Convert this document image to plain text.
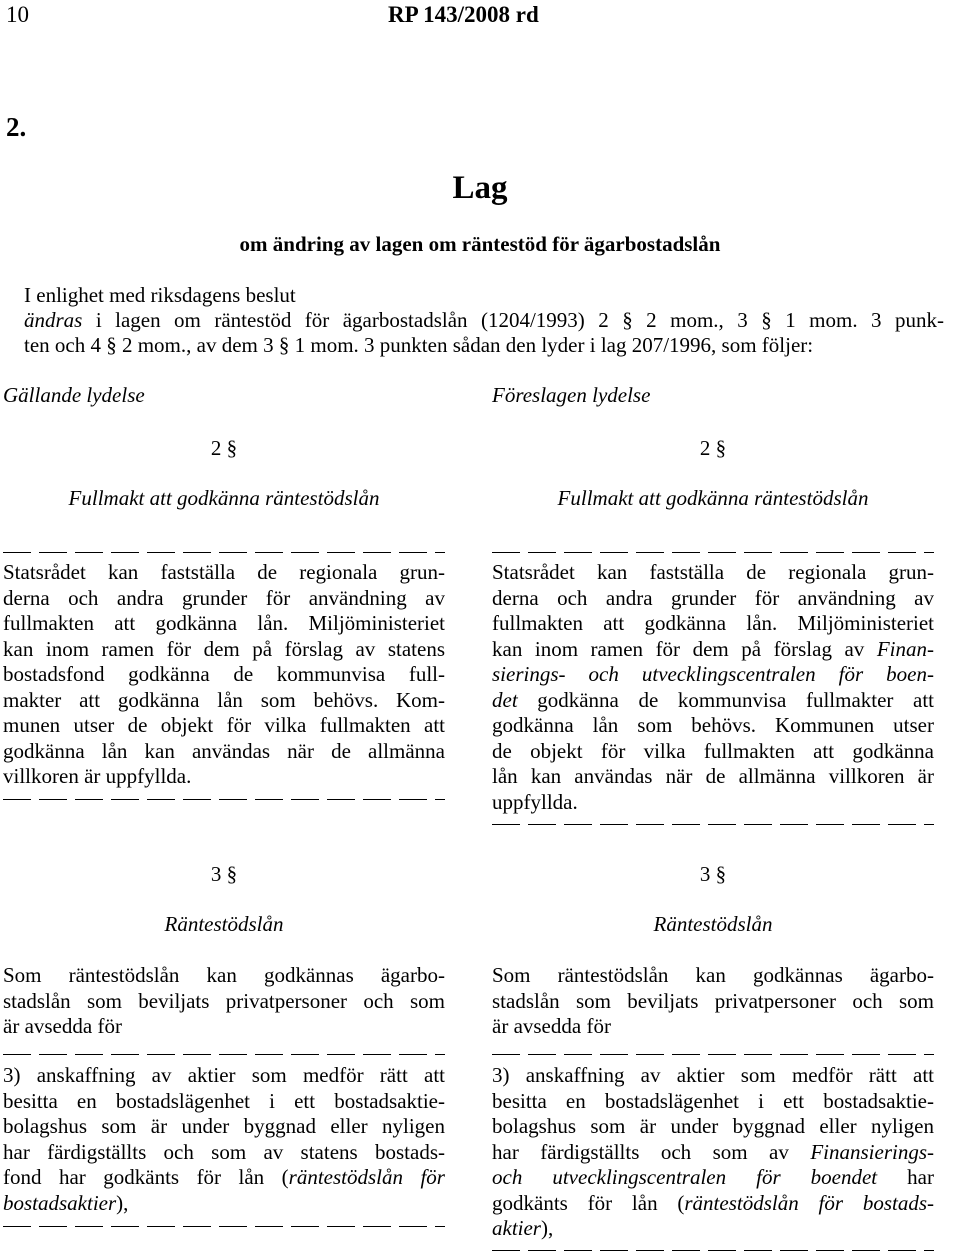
10	RP 143/2008 rd
2.
Lag
om ändring av lagen om räntestöd för ägarbostadslån
I enlighet med riksdagens beslut
ändras i lagen om räntestöd för ägarbostadslån (1204/1993) 2 § 2 mom., 3 § 1 mom. 3 punk-
ten och 4 § 2 mom., av dem 3 § 1 mom. 3 punkten sådan den lyder i lag 207/1996, som följer:
Gällande lydelse	Föreslagen lydelse
2 §
Fullmakt att godkänna räntestödslån
Statsrådet kan fastställa de regionala grun-
derna och andra grunder för användning av
fullmakten att godkänna lån. Miljöministeriet
kan inom ramen för dem på förslag av statens
bostadsfond godkänna de kommunvisa full-
makter att godkänna lån som behövs. Kom-
munen utser de objekt för vilka fullmakten att
godkänna lån kan användas när de allmänna
villkoren är uppfyllda.
3 §
Räntestödslån
Som räntestödslån kan godkännas ägarbo-
stadslån som beviljats privatpersoner och som
är avsedda för
3) anskaffning av aktier som medför rätt att
besitta en bostadslägenhet i ett bostadsaktie-
bolagshus som är under byggnad eller nyligen
har färdigställts och som av statens bostads-
fond har godkänts för lån (räntestödslån för
bostadsaktier),
2 §
Fullmakt att godkänna räntestödslån
Statsrådet kan fastställa de regionala grun-
derna och andra grunder för användning av
fullmakten att godkänna lån. Miljöministeriet
kan inom ramen för dem på förslag av Finan-
sierings- och utvecklingscentralen för boen-
det godkänna de kommunvisa fullmakter att
godkänna lån som behövs. Kommunen utser
de objekt för vilka fullmakten att godkänna
lån kan användas när de allmänna villkoren är
uppfyllda.
3 §
Räntestödslån
Som räntestödslån kan godkännas ägarbo-
stadslån som beviljats privatpersoner och som
är avsedda för
3) anskaffning av aktier som medför rätt att
besitta en bostadslägenhet i ett bostadsaktie-
bolagshus som är under byggnad eller nyligen
har färdigställts och som av Finansierings-
och utvecklingscentralen för boendet har
godkänts för lån (räntestödslån för bostads-
aktier),
